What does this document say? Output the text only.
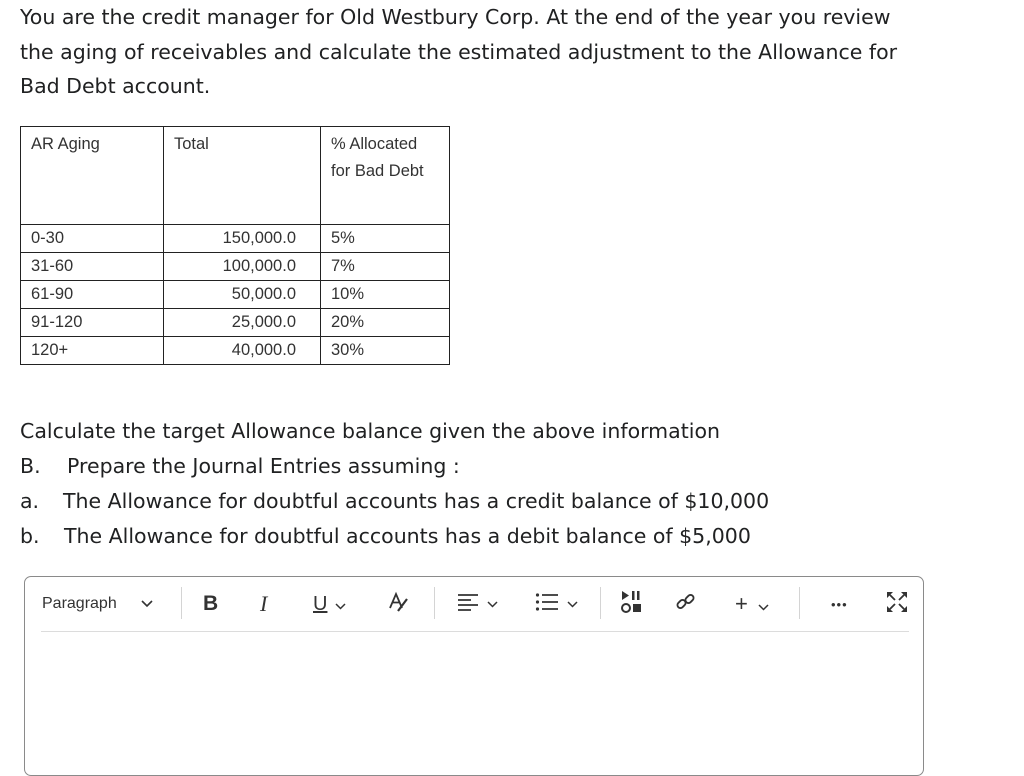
You are the credit manager for Old Westbury Corp. At the end of the year you review the aging of receivables and calculate the estimated adjustment to the Allowance for Bad Debt account.
AR Aging	Total	% Allocated for Bad Debt
0-30	150,000.0	5%
31-60	100,000.0	7%
61-90	50,000.0	10%
91-120	25,000.0	20%
120+	40,000.0	30%
Calculate the target Allowance balance given the above information
B. Prepare the Journal Entries assuming :
a. The Allowance for doubtful accounts has a credit balance of $10,000
b. The Allowance for doubtful accounts has a debit balance of $5,000
Paragraph	B I U	+	•••
